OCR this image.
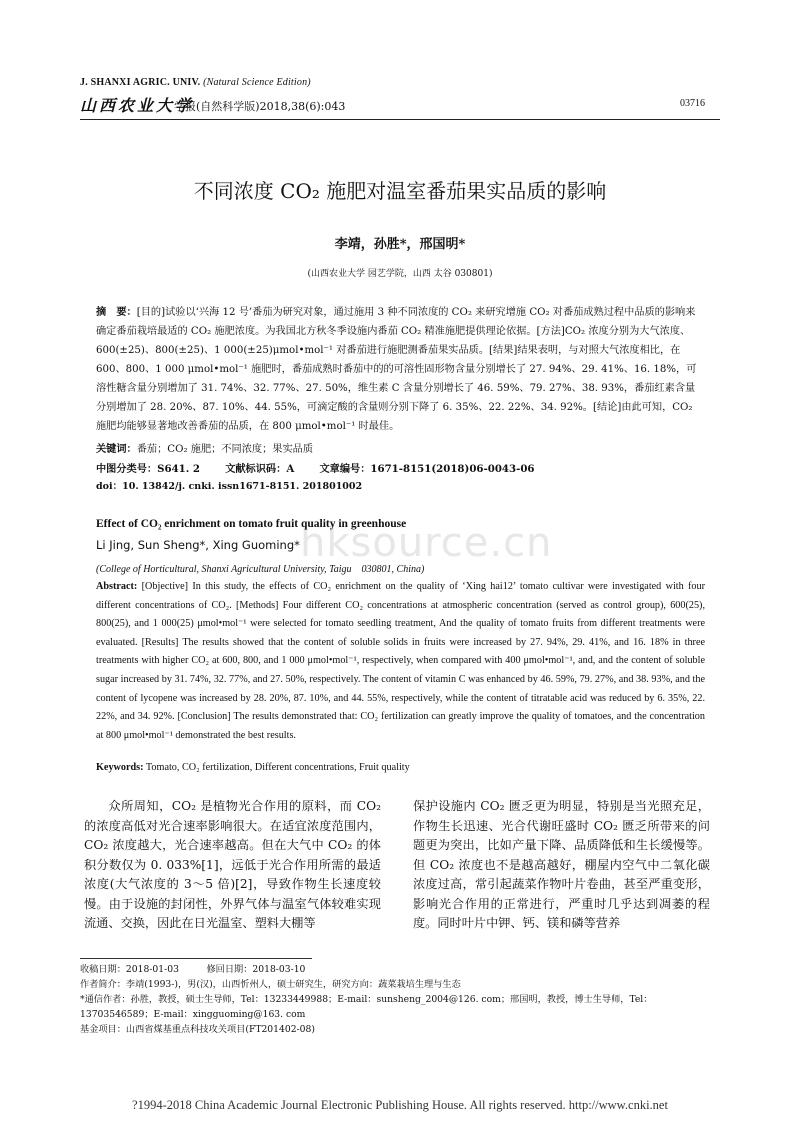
J. SHANXI AGRIC. UNIV. (Natural Science Edition)
山西农业大学
学报(自然科学版)2018,38(6):043	03716
不同浓度 CO₂ 施肥对温室番茄果实品质的影响
李靖，孙胜*，邢国明*
(山西农业大学 园艺学院，山西 太谷 030801)
摘　要：[目的]试验以‘兴海 12 号’番茄为研究对象，通过施用 3 种不同浓度的 CO₂ 来研究增施 CO₂ 对番茄成熟过程中品质的影响来确定番茄栽培最适的 CO₂ 施肥浓度。为我国北方秋冬季设施内番茄 CO₂ 精准施肥提供理论依据。[方法]CO₂ 浓度分别为大气浓度、600(±25)、800(±25)、1 000(±25)μmol•mol⁻¹ 对番茄进行施肥测番茄果实品质。[结果]结果表明，与对照大气浓度相比，在 600、800、1 000 μmol•mol⁻¹ 施肥时，番茄成熟时番茄中的的可溶性固形物含量分别增长了 27. 94%、29. 41%、16. 18%，可溶性糖含量分别增加了 31. 74%、32. 77%、27. 50%，维生素 C 含量分别增长了 46. 59%、79. 27%、38. 93%，番茄红素含量分别增加了 28. 20%、87. 10%、44. 55%，可滴定酸的含量则分别下降了 6. 35%、22. 22%、34. 92%。[结论]由此可知，CO₂ 施肥均能够显著地改善番茄的品质，在 800 μmol•mol⁻¹ 时最佳。
关键词：番茄；CO₂ 施肥；不同浓度；果实品质
中图分类号：S641. 2 文献标识码：A 文章编号：1671-8151(2018)06-0043-06
doi：10. 13842/j. cnki. issn1671-8151. 201801002
hksource.cn
Effect of CO₂ enrichment on tomato fruit quality in greenhouse
Li Jing, Sun Sheng*, Xing Guoming*
(College of Horticultural, Shanxi Agricultural University, Taigu　030801, China)
Abstract: [Objective] In this study, the effects of CO₂ enrichment on the quality of ‘Xing hai12’ tomato cultivar were investigated with four different concentrations of CO₂. [Methods] Four different CO₂ concentrations at atmospheric concentration (served as control group), 600(25), 800(25), and 1 000(25) μmol•mol⁻¹ were selected for tomato seedling treatment, And the quality of tomato fruits from different treatments were evaluated. [Results] The results showed that the content of soluble solids in fruits were increased by 27. 94%, 29. 41%, and 16. 18% in three treatments with higher CO₂ at 600, 800, and 1 000 μmol•mol⁻¹, respectively, when compared with 400 μmol•mol⁻¹, and, and the content of soluble sugar increased by 31. 74%, 32. 77%, and 27. 50%, respectively. The content of vitamin C was enhanced by 46. 59%, 79. 27%, and 38. 93%, and the content of lycopene was increased by 28. 20%, 87. 10%, and 44. 55%, respectively, while the content of titratable acid was reduced by 6. 35%, 22. 22%, and 34. 92%. [Conclusion] The results demonstrated that: CO₂ fertilization can greatly improve the quality of tomatoes, and the concentration at 800 μmol•mol⁻¹ demonstrated the best results.
Keywords: Tomato, CO₂ fertilization, Different concentrations, Fruit quality
众所周知，CO₂ 是植物光合作用的原料，而 CO₂ 的浓度高低对光合速率影响很大。在适宜浓度范围内，CO₂ 浓度越大，光合速率越高。但在大气中 CO₂ 的体积分数仅为 0. 033%[1]，远低于光合作用所需的最适浓度(大气浓度的 3～5 倍)[2]，导致作物生长速度较慢。由于设施的封闭性，外界气体与温室气体较难实现流通、交换，因此在日光温室、塑料大棚等
保护设施内 CO₂ 匮乏更为明显，特别是当光照充足，作物生长迅速、光合代谢旺盛时 CO₂ 匮乏所带来的问题更为突出，比如产量下降、品质降低和生长缓慢等。但 CO₂ 浓度也不是越高越好，棚屋内空气中二氧化碳浓度过高，常引起蔬菜作物叶片卷曲，甚至严重变形，影响光合作用的正常进行，严重时几乎达到凋萎的程度。同时叶片中钾、钙、镁和磷等营养
收稿日期：2018-01-03　　　修回日期：2018-03-10
作者简介：李靖(1993-)，男(汉)，山西忻州人，硕士研究生，研究方向：蔬菜栽培生理与生态
*通信作者：孙胜，教授，硕士生导师，Tel：13233449988；E-mail：sunsheng_2004@126. com；邢国明，教授，博士生导师，Tel：13703546589；E-mail：xingguoming@163. com
基金项目：山西省煤基重点科技攻关项目(FT201402-08)
?1994-2018 China Academic Journal Electronic Publishing House. All rights reserved. http://www.cnki.net
